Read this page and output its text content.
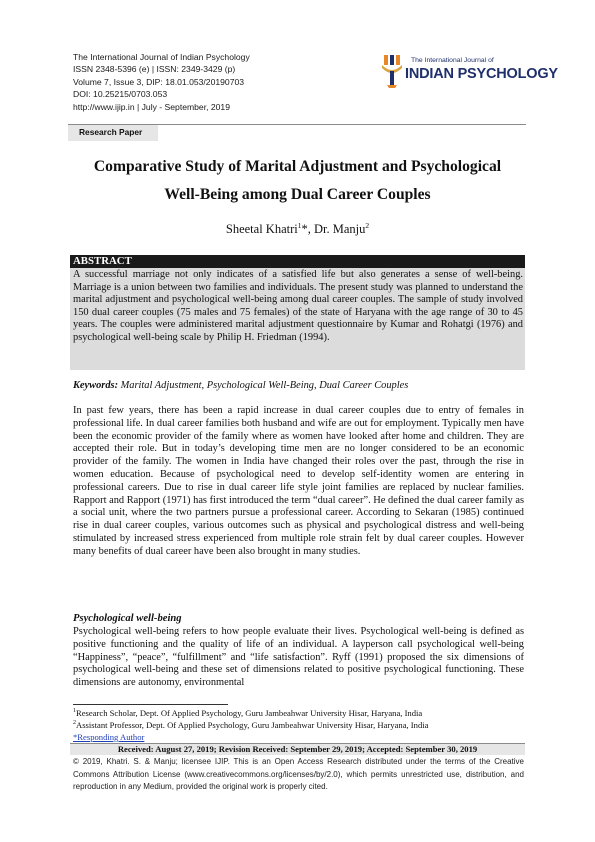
The International Journal of Indian Psychology
ISSN 2348-5396 (e) | ISSN: 2349-3429 (p)
Volume 7, Issue 3, DIP: 18.01.053/20190703
DOI: 10.25215/0703.053
http://www.ijip.in | July - September, 2019
The International Journal of
INDIAN PSYCHOLOGY
Research Paper
Comparative Study of Marital Adjustment and Psychological
Well-Being among Dual Career Couples
Sheetal Khatri$^1$*, Dr. Manju$^2$
ABSTRACT
A successful marriage not only indicates of a satisfied life but also generates a sense of well-being. Marriage is a union between two families and individuals. The present study was planned to understand the marital adjustment and psychological well-being among dual career couples. The sample of study involved 150 dual career couples (75 males and 75 females) of the state of Haryana with the age range of 30 to 45 years. The couples were administered marital adjustment questionnaire by Kumar and Rohatgi (1976) and psychological well-being scale by Philip H. Friedman (1994).
Keywords: Marital Adjustment, Psychological Well-Being, Dual Career Couples
In past few years, there has been a rapid increase in dual career couples due to entry of females in professional life. In dual career families both husband and wife are out for employment. Typically men have been the economic provider of the family where as women have looked after home and children. They are accepted their role. But in today’s developing time men are no longer considered to be an economic provider of the family. The women in India have changed their roles over the past, through the rise in women education. Because of psychological need to develop self-identity women are entering in professional careers. Due to rise in dual career life style joint families are replaced by nuclear families. Rapport and Rapport (1971) has first introduced the term “dual career”. He defined the dual career family as a social unit, where the two partners pursue a professional career. According to Sekaran (1985) continued rise in dual career couples, various outcomes such as physical and psychological distress and well-being stimulated by increased stress experienced from multiple role strain felt by dual career couples. However many benefits of dual career have been also brought in many studies.
Psychological well-being
Psychological well-being refers to how people evaluate their lives. Psychological well-being is defined as positive functioning and the quality of life of an individual. A layperson call psychological well-being “Happiness”, “peace”, “fulfillment” and “life satisfaction”. Ryff (1991) proposed the six dimensions of psychological well-being and these set of dimensions related to positive psychological functioning. These dimensions are autonomy, environmental
$^1$Research Scholar, Dept. Of Applied Psychology, Guru Jambeahwar University Hisar, Haryana, India
$^2$Assistant Professor, Dept. Of Applied Psychology, Guru Jambeahwar University Hisar, Haryana, India
*Responding Author
Received: August 27, 2019; Revision Received: September 29, 2019; Accepted: September 30, 2019
© 2019, Khatri. S. & Manju; licensee IJIP. This is an Open Access Research distributed under the terms of the Creative Commons Attribution License (www.creativecommons.org/licenses/by/2.0), which permits unrestricted use, distribution, and reproduction in any Medium, provided the original work is properly cited.
